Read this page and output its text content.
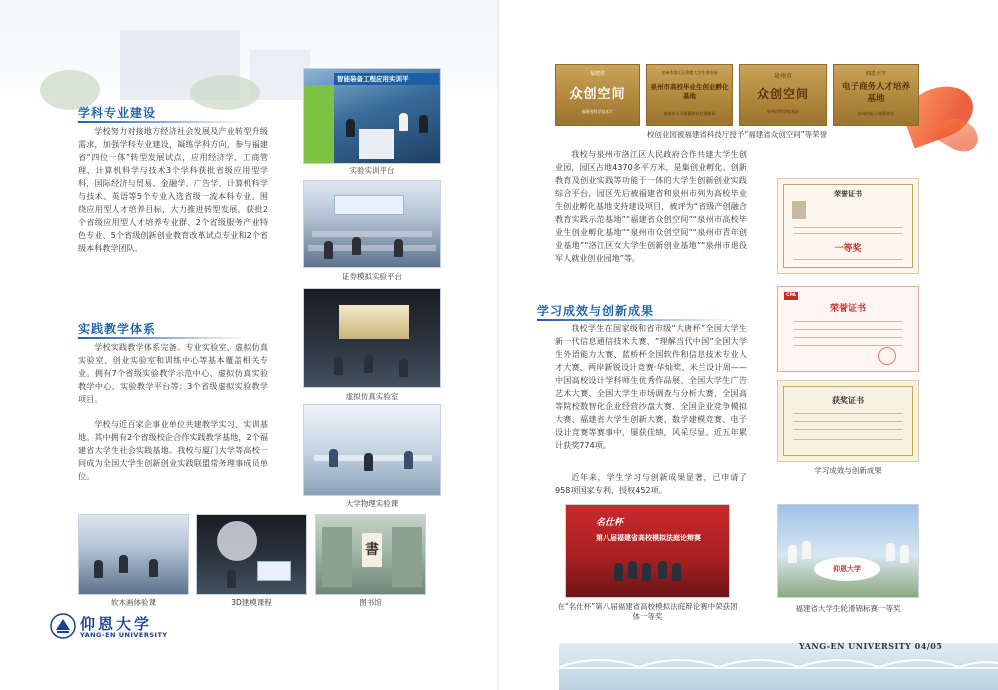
学科专业建设
学校努力对接地方经济社会发展及产业转型升级需求，加强学科专业建设，凝练学科方向，参与福建省“四位一体”转型发展试点，应用经济学、工商管理、计算机科学与技术3个学科获批省级应用型学科，国际经济与贸易、金融学、广告学、计算机科学与技术、英语等5个专业入选省级一流本科专业。围绕应用型人才培养目标，大力推进转型发展，获批2个省级应用型人才培养专业群、2个省级服务产业特色专业、5个省级创新创业教育改革试点专业和2个省级本科教学团队。
实践教学体系
学校实践教学体系完备。专业实验室、虚拟仿真实验室、创业实验室和训练中心等基本覆盖相关专业。拥有7个省级实验教学示范中心、虚拟仿真实验教学中心、实验教学平台等；3个省级虚拟实验教学项目。
学校与近百家企事业单位共建教学实习、实训基地。其中拥有2个省级校企合作实践教学基地，2个福建省大学生社会实践基地。我校与厦门大学等高校一同成为全国大学生创新创业实践联盟常务理事成员单位。
智能装备工程应用实训平
实验实训平台
证券模拟实验平台
虚拟仿真实验室
大学物理实验课
软木画体验课	3D建模课程
書
图书馆
仰恩大学
YANG-EN UNIVERSITY
福建省
众创空间
福建省科学技术厅
泉州市洛江区仰恩大学生创业园
泉州市高校毕业生创业孵化基地
泉州市人力资源和社会保障局
泉州市
众创空间
泉州市科学技术局
仰恩大学
电子商务人才培养基地
泉州市电子商务协会
校创业园被福建省科技厅授予“福建省众创空间”等荣誉
我校与泉州市洛江区人民政府合作共建大学生创业园，园区占地4370多平方米，是集创业孵化、创新教育及创业实践等功能于一体的大学生创新创业实践综合平台，园区先后被福建省和泉州市列为高校毕业生创业孵化基地支持建设项目，被评为“省级产创融合教育实践示范基地”“福建省众创空间”“泉州市高校毕业生创业孵化基地”“泉州市众创空间”“泉州市青年创业基地”“洛江区女大学生创新创业基地”“泉州市退役军人就业创业园地”等。
学习成效与创新成果
我校学生在国家级和省市级“大唐杯”全国大学生新一代信息通信技术大赛、“理解当代中国”全国大学生外语能力大赛、蓝桥杯全国软件和信息技术专业人才大赛、两岸新锐设计竞赛·华灿奖、米兰设计周——中国高校设计学科师生优秀作品展、全国大学生广告艺术大赛、全国大学生市场调查与分析大赛、全国高等院校数智化企业经营沙盘大赛、全国企业竞争模拟大赛、福建省大学生创新大赛、数学建模竞赛、电子设计竞赛等赛事中，屡获佳绩，风采尽显。近五年累计获奖774项。
近年来，学生学习与创新成果显著，已申请了958项国家专利，授权452项。
荣誉证书
一等奖
CPA
荣誉证书
获奖证书
学习成效与创新成果
名仕杯
第八届福建省高校模拟法庭论辩赛
在“名仕杯”第八届福建省高校模拟法庭辩论赛中荣获团体一等奖
仰恩大学
福建省大学生轮滑锦标赛一等奖
YANG-EN UNIVERSITY 04/05
